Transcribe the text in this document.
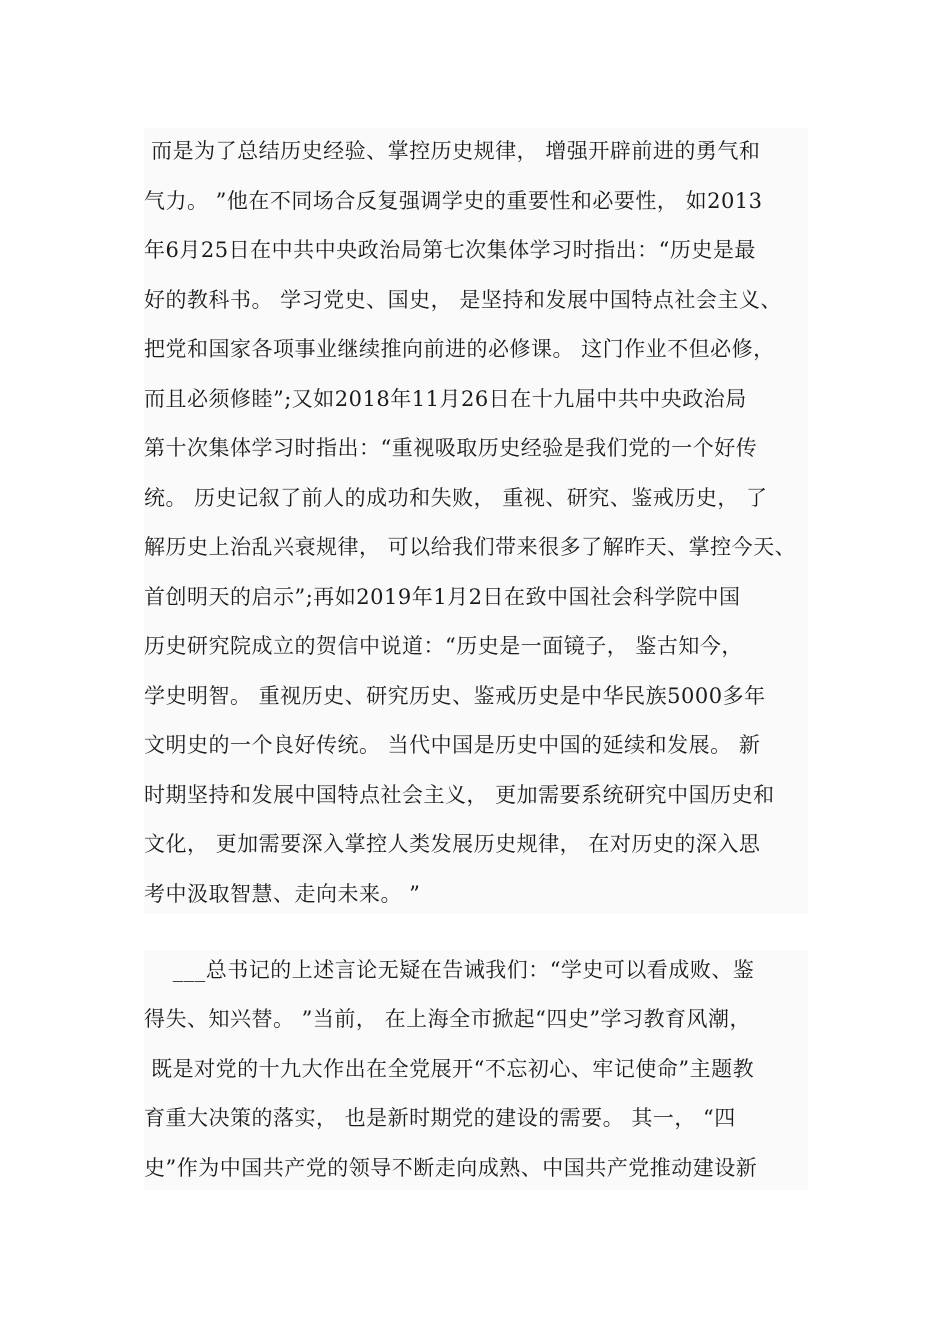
而是为了总结历史经验、掌控历史规律， 增强开辟前进的勇气和
气力。 ”他在不同场合反复强调学史的重要性和必要性， 如2013
年6月25日在中共中央政治局第七次集体学习时指出：“历史是最
好的教科书。 学习党史、国史， 是坚持和发展中国特点社会主义、
把党和国家各项事业继续推向前进的必修课。 这门作业不但必修，
而且必须修睦”;又如2018年11月26日在十九届中共中央政治局
第十次集体学习时指出：“重视吸取历史经验是我们党的一个好传
统。 历史记叙了前人的成功和失败， 重视、研究、鉴戒历史， 了
解历史上治乱兴衰规律， 可以给我们带来很多了解昨天、掌控今天、
首创明天的启示”;再如2019年1月2日在致中国社会科学院中国
历史研究院成立的贺信中说道：“历史是一面镜子， 鉴古知今，
学史明智。 重视历史、研究历史、鉴戒历史是中华民族5000多年
文明史的一个良好传统。 当代中国是历史中国的延续和发展。 新
时期坚持和发展中国特点社会主义， 更加需要系统研究中国历史和
文化， 更加需要深入掌控人类发展历史规律， 在对历史的深入思
考中汲取智慧、走向未来。 ”
___总书记的上述言论无疑在告诫我们：“学史可以看成败、鉴
得失、知兴替。 ”当前， 在上海全市掀起“四史”学习教育风潮，
既是对党的十九大作出在全党展开“不忘初心、牢记使命”主题教
育重大决策的落实， 也是新时期党的建设的需要。 其一， “四
史”作为中国共产党的领导不断走向成熟、中国共产党推动建设新
